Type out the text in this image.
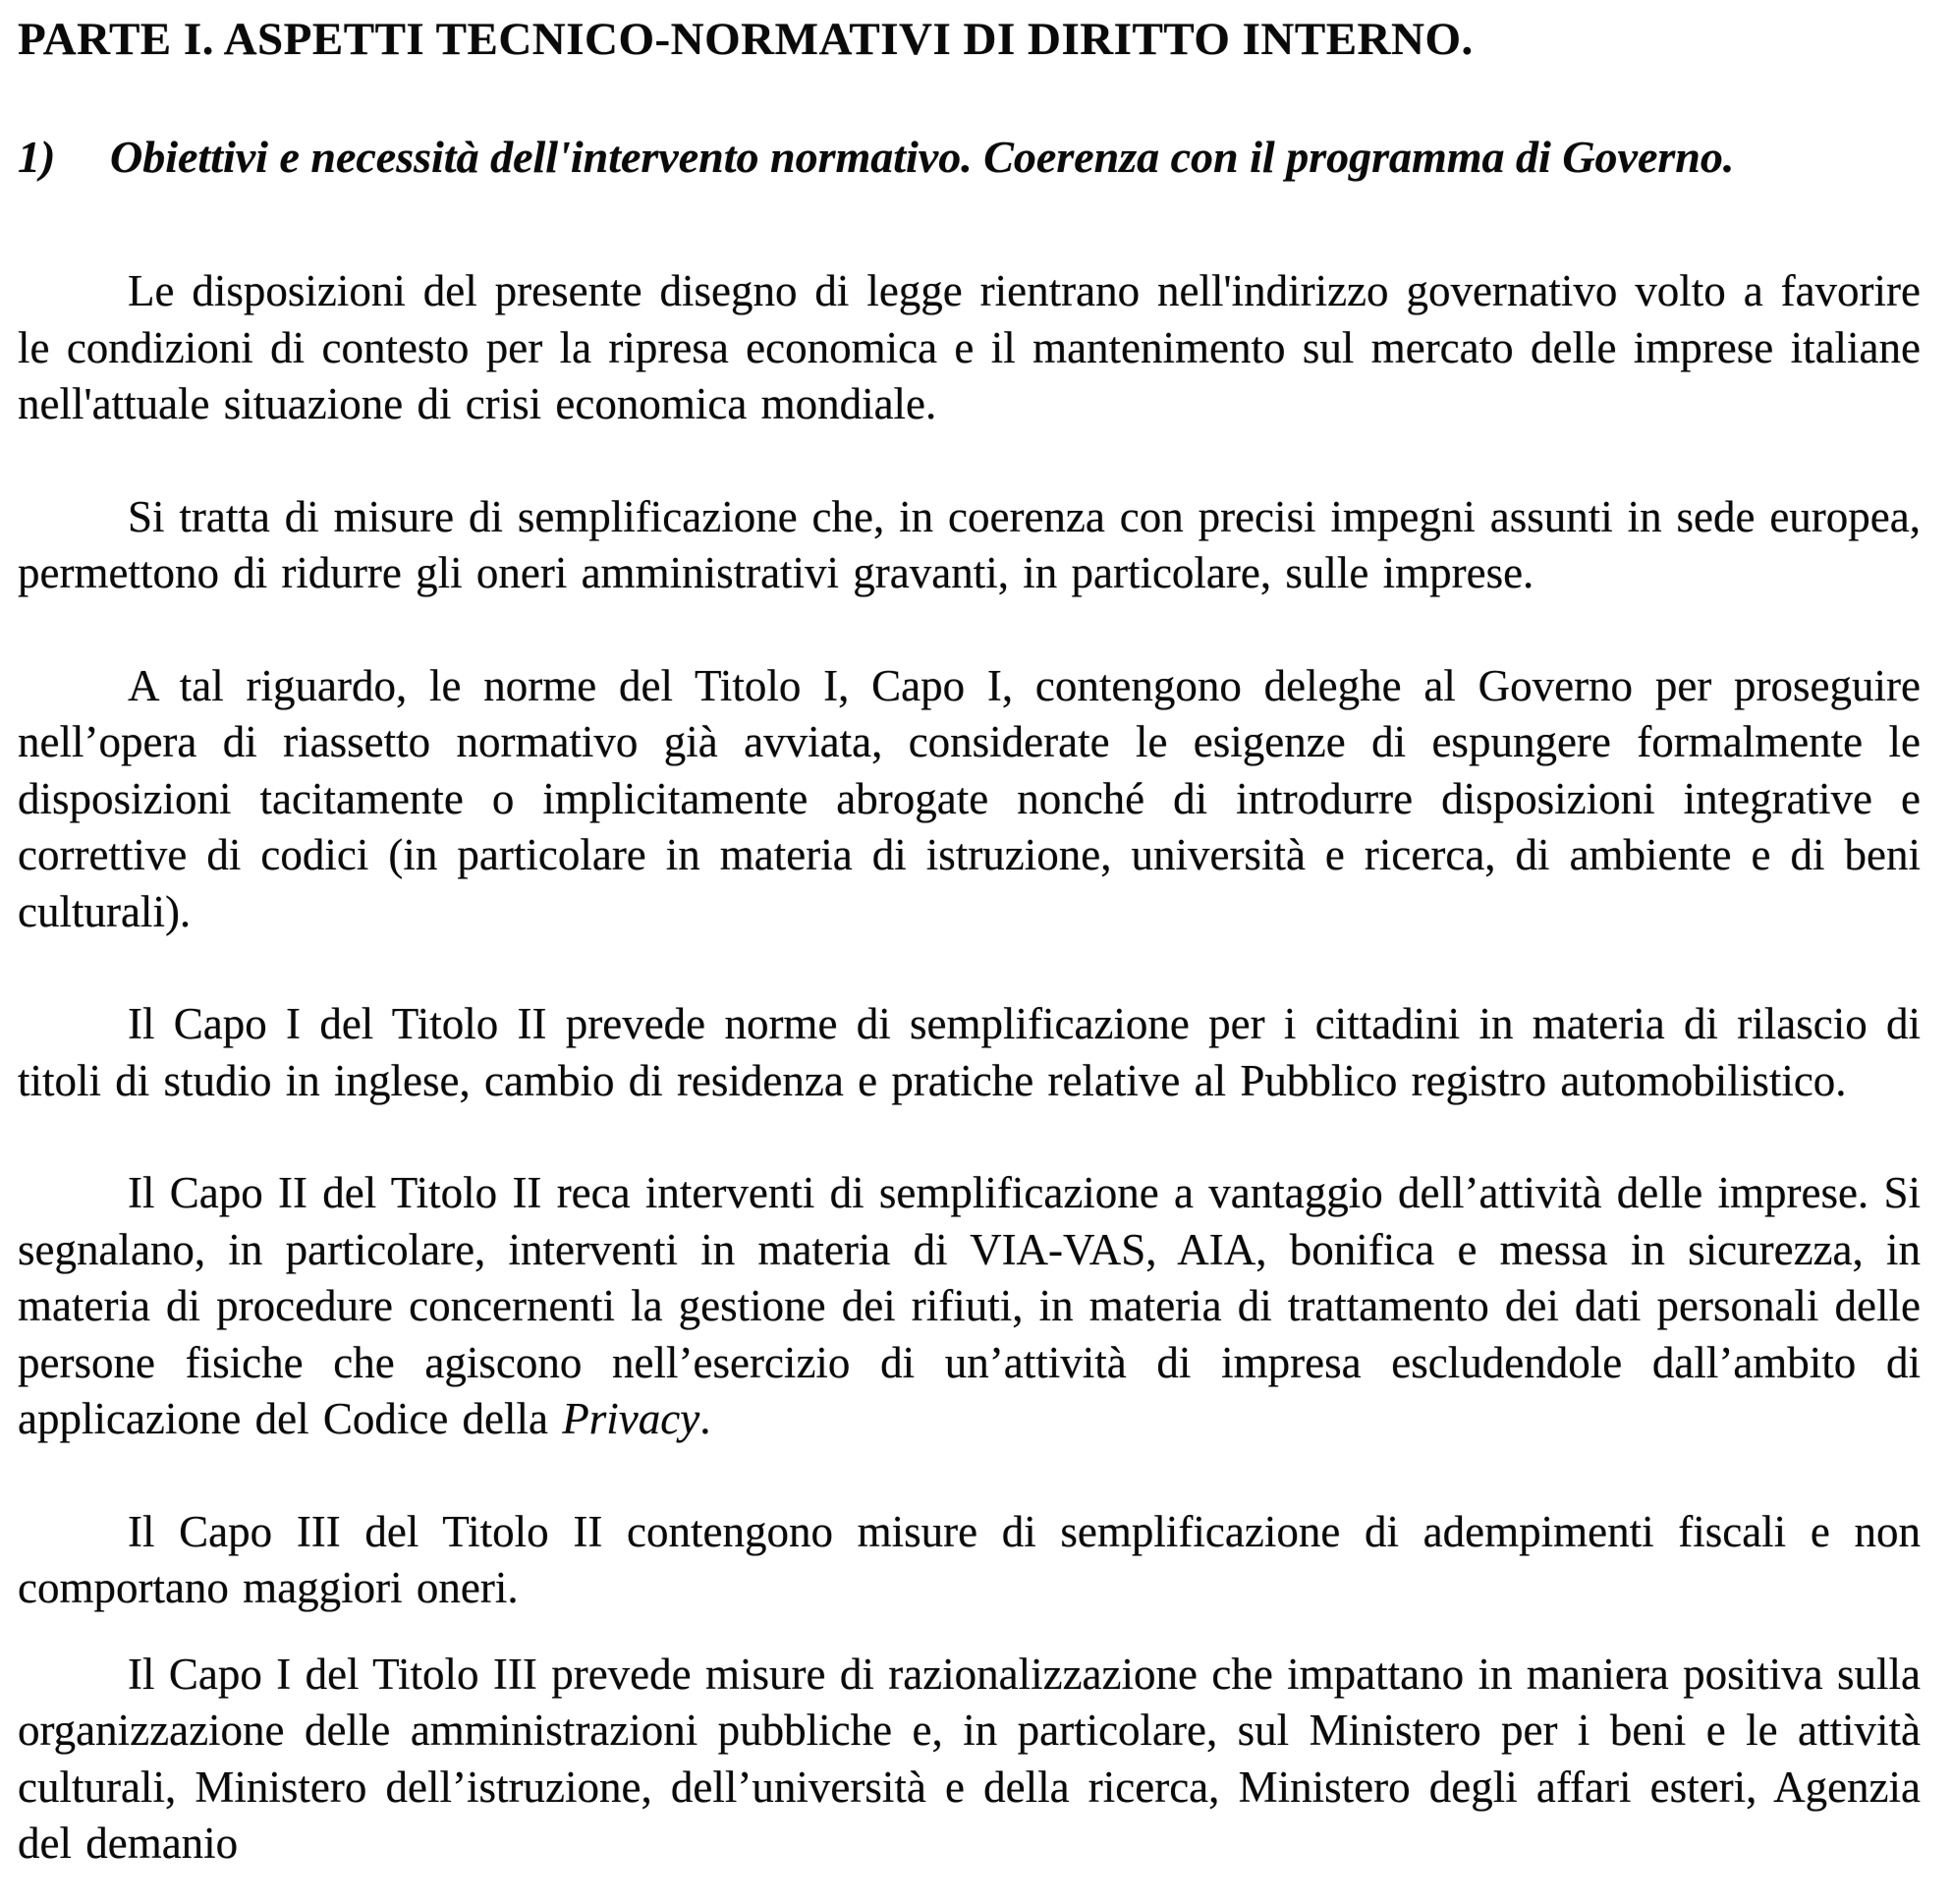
PARTE I. ASPETTI TECNICO-NORMATIVI DI DIRITTO INTERNO.
1)	Obiettivi e necessità dell'intervento normativo. Coerenza con il programma di Governo.

Le disposizioni del presente disegno di legge rientrano nell'indirizzo governativo volto a favorire le condizioni di contesto per la ripresa economica e il mantenimento sul mercato delle imprese italiane nell'attuale situazione di crisi economica mondiale.

Si tratta di misure di semplificazione che, in coerenza con precisi impegni assunti in sede europea, permettono di ridurre gli oneri amministrativi gravanti, in particolare, sulle imprese.

A tal riguardo, le norme del Titolo I, Capo I, contengono deleghe al Governo per proseguire nell’opera di riassetto normativo già avviata, considerate le esigenze di espungere formalmente le disposizioni tacitamente o implicitamente abrogate nonché di introdurre disposizioni integrative e correttive di codici (in particolare in materia di istruzione, università e ricerca, di ambiente e di beni culturali).

Il Capo I del Titolo II prevede norme di semplificazione per i cittadini in materia di rilascio di titoli di studio in inglese, cambio di residenza e pratiche relative al Pubblico registro automobilistico.

Il Capo II del Titolo II reca interventi di semplificazione a vantaggio dell’attività delle imprese. Si segnalano, in particolare, interventi in materia di VIA-VAS, AIA, bonifica e messa in sicurezza, in materia di procedure concernenti la gestione dei rifiuti, in materia di trattamento dei dati personali delle persone fisiche che agiscono nell’esercizio di un’attività di impresa escludendole dall’ambito di applicazione del Codice della Privacy.

Il Capo III del Titolo II contengono misure di semplificazione di adempimenti fiscali e non comportano maggiori oneri.

Il Capo I del Titolo III prevede misure di razionalizzazione che impattano in maniera positiva sulla organizzazione delle amministrazioni pubbliche e, in particolare, sul Ministero per i beni e le attività culturali, Ministero dell’istruzione, dell’università e della ricerca, Ministero degli affari esteri, Agenzia del demanio
